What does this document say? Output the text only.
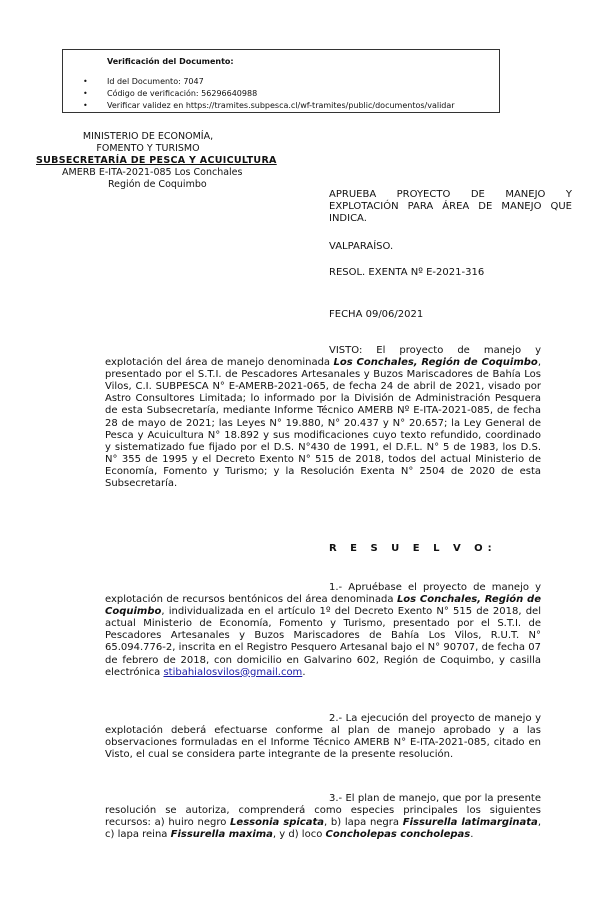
Verificación del Documento:
• Id del Documento: 7047
• Código de verificación: 56296640988
• Verificar validez en https://tramites.subpesca.cl/wf-tramites/public/documentos/validar
MINISTERIO DE ECONOMÍA, FOMENTO Y TURISMO
SUBSECRETARÍA DE PESCA Y ACUICULTURA
AMERB E-ITA-2021-085 Los Conchales
Región de Coquimbo
APRUEBA PROYECTO DE MANEJO Y EXPLOTACIÓN PARA ÁREA DE MANEJO QUE INDICA.
VALPARAÍSO.
RESOL. EXENTA Nº E-2021-316
FECHA 09/06/2021
VISTO: El proyecto de manejo y explotación del área de manejo denominada Los Conchales, Región de Coquimbo, presentado por el S.T.I. de Pescadores Artesanales y Buzos Mariscadores de Bahía Los Vilos, C.I. SUBPESCA N° E-AMERB-2021-065, de fecha 24 de abril de 2021, visado por Astro Consultores Limitada; lo informado por la División de Administración Pesquera de esta Subsecretaría, mediante Informe Técnico AMERB Nº E-ITA-2021-085, de fecha 28 de mayo de 2021; las Leyes N° 19.880, N° 20.437 y N° 20.657; la Ley General de Pesca y Acuicultura N° 18.892 y sus modificaciones cuyo texto refundido, coordinado y sistematizado fue fijado por el D.S. N°430 de 1991, el D.F.L. N° 5 de 1983, los D.S. N° 355 de 1995 y el Decreto Exento N° 515 de 2018, todos del actual Ministerio de Economía, Fomento y Turismo; y la Resolución Exenta N° 2504 de 2020 de esta Subsecretaría.
R E S U E L V O:
1.- Apruébase el proyecto de manejo y explotación de recursos bentónicos del área denominada Los Conchales, Región de Coquimbo, individualizada en el artículo 1º del Decreto Exento N° 515 de 2018, del actual Ministerio de Economía, Fomento y Turismo, presentado por el S.T.I. de Pescadores Artesanales y Buzos Mariscadores de Bahía Los Vilos, R.U.T. N° 65.094.776-2, inscrita en el Registro Pesquero Artesanal bajo el N° 90707, de fecha 07 de febrero de 2018, con domicilio en Galvarino 602, Región de Coquimbo, y casilla electrónica stibahialosvilos@gmail.com.
2.- La ejecución del proyecto de manejo y explotación deberá efectuarse conforme al plan de manejo aprobado y a las observaciones formuladas en el Informe Técnico AMERB N° E-ITA-2021-085, citado en Visto, el cual se considera parte integrante de la presente resolución.
3.- El plan de manejo, que por la presente resolución se autoriza, comprenderá como especies principales los siguientes recursos: a) huiro negro Lessonia spicata, b) lapa negra Fissurella latimarginata, c) lapa reina Fissurella maxima, y d) loco Concholepas concholepas.
